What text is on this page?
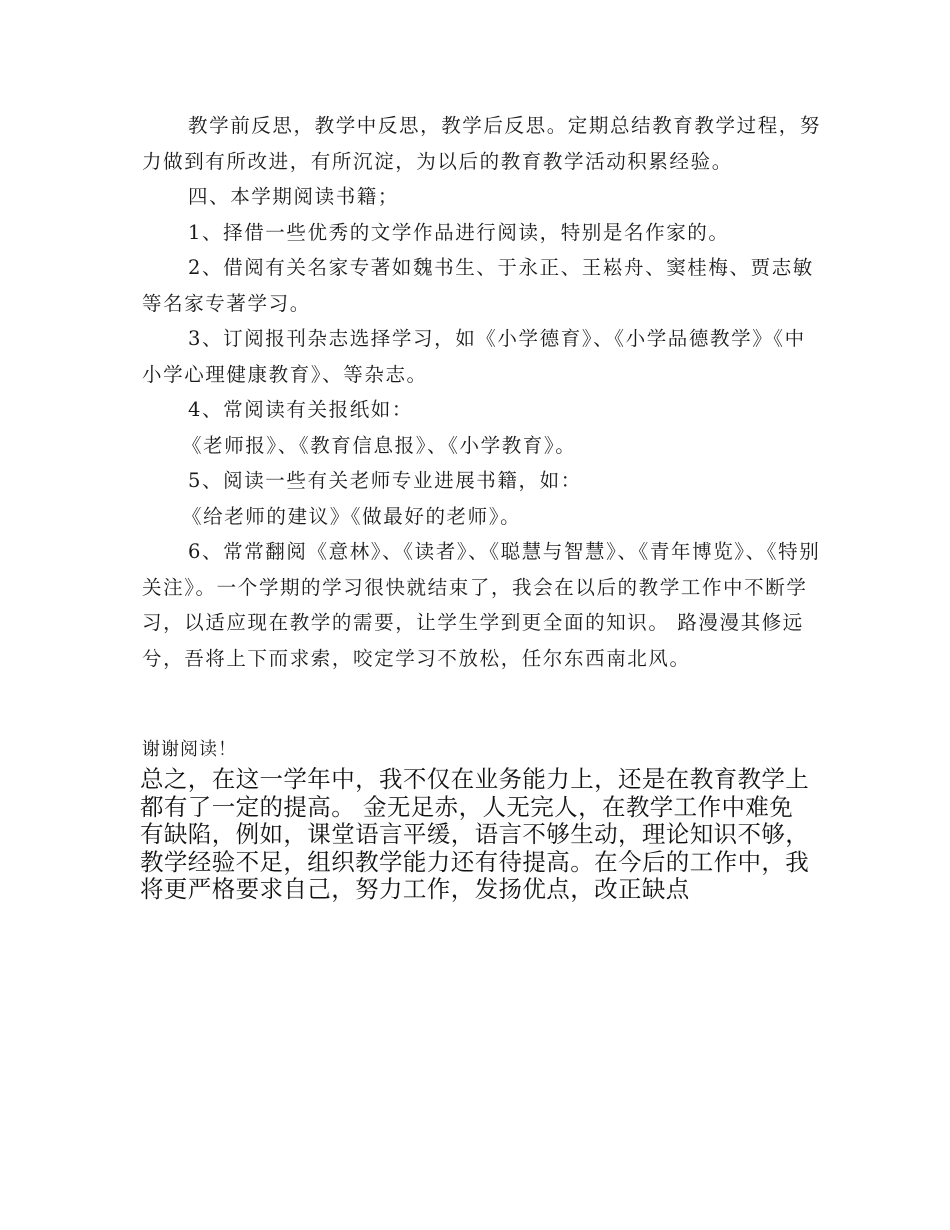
教学前反思，教学中反思，教学后反思。定期总结教育教学过程，努力做到有所改进，有所沉淀，为以后的教育教学活动积累经验。

四、本学期阅读书籍；

1、择借一些优秀的文学作品进行阅读，特别是名作家的。

2、借阅有关名家专著如魏书生、于永正、王崧舟、窦桂梅、贾志敏等名家专著学习。

3、订阅报刊杂志选择学习，如《小学德育》、《小学品德教学》《中小学心理健康教育》、等杂志。

4、常阅读有关报纸如：

《老师报》、《教育信息报》、《小学教育》。

5、阅读一些有关老师专业进展书籍，如：

《给老师的建议》《做最好的老师》。

6、常常翻阅《意林》、《读者》、《聪慧与智慧》、《青年博览》、《特别关注》。一个学期的学习很快就结束了，我会在以后的教学工作中不断学习，以适应现在教学的需要，让学生学到更全面的知识。 路漫漫其修远兮，吾将上下而求索，咬定学习不放松，任尔东西南北风。

谢谢阅读！

总之，在这一学年中，我不仅在业务能力上，还是在教育教学上都有了一定的提高。 金无足赤，人无完人，在教学工作中难免有缺陷，例如，课堂语言平缓，语言不够生动，理论知识不够，教学经验不足，组织教学能力还有待提高。在今后的工作中，我将更严格要求自己，努力工作，发扬优点，改正缺点
